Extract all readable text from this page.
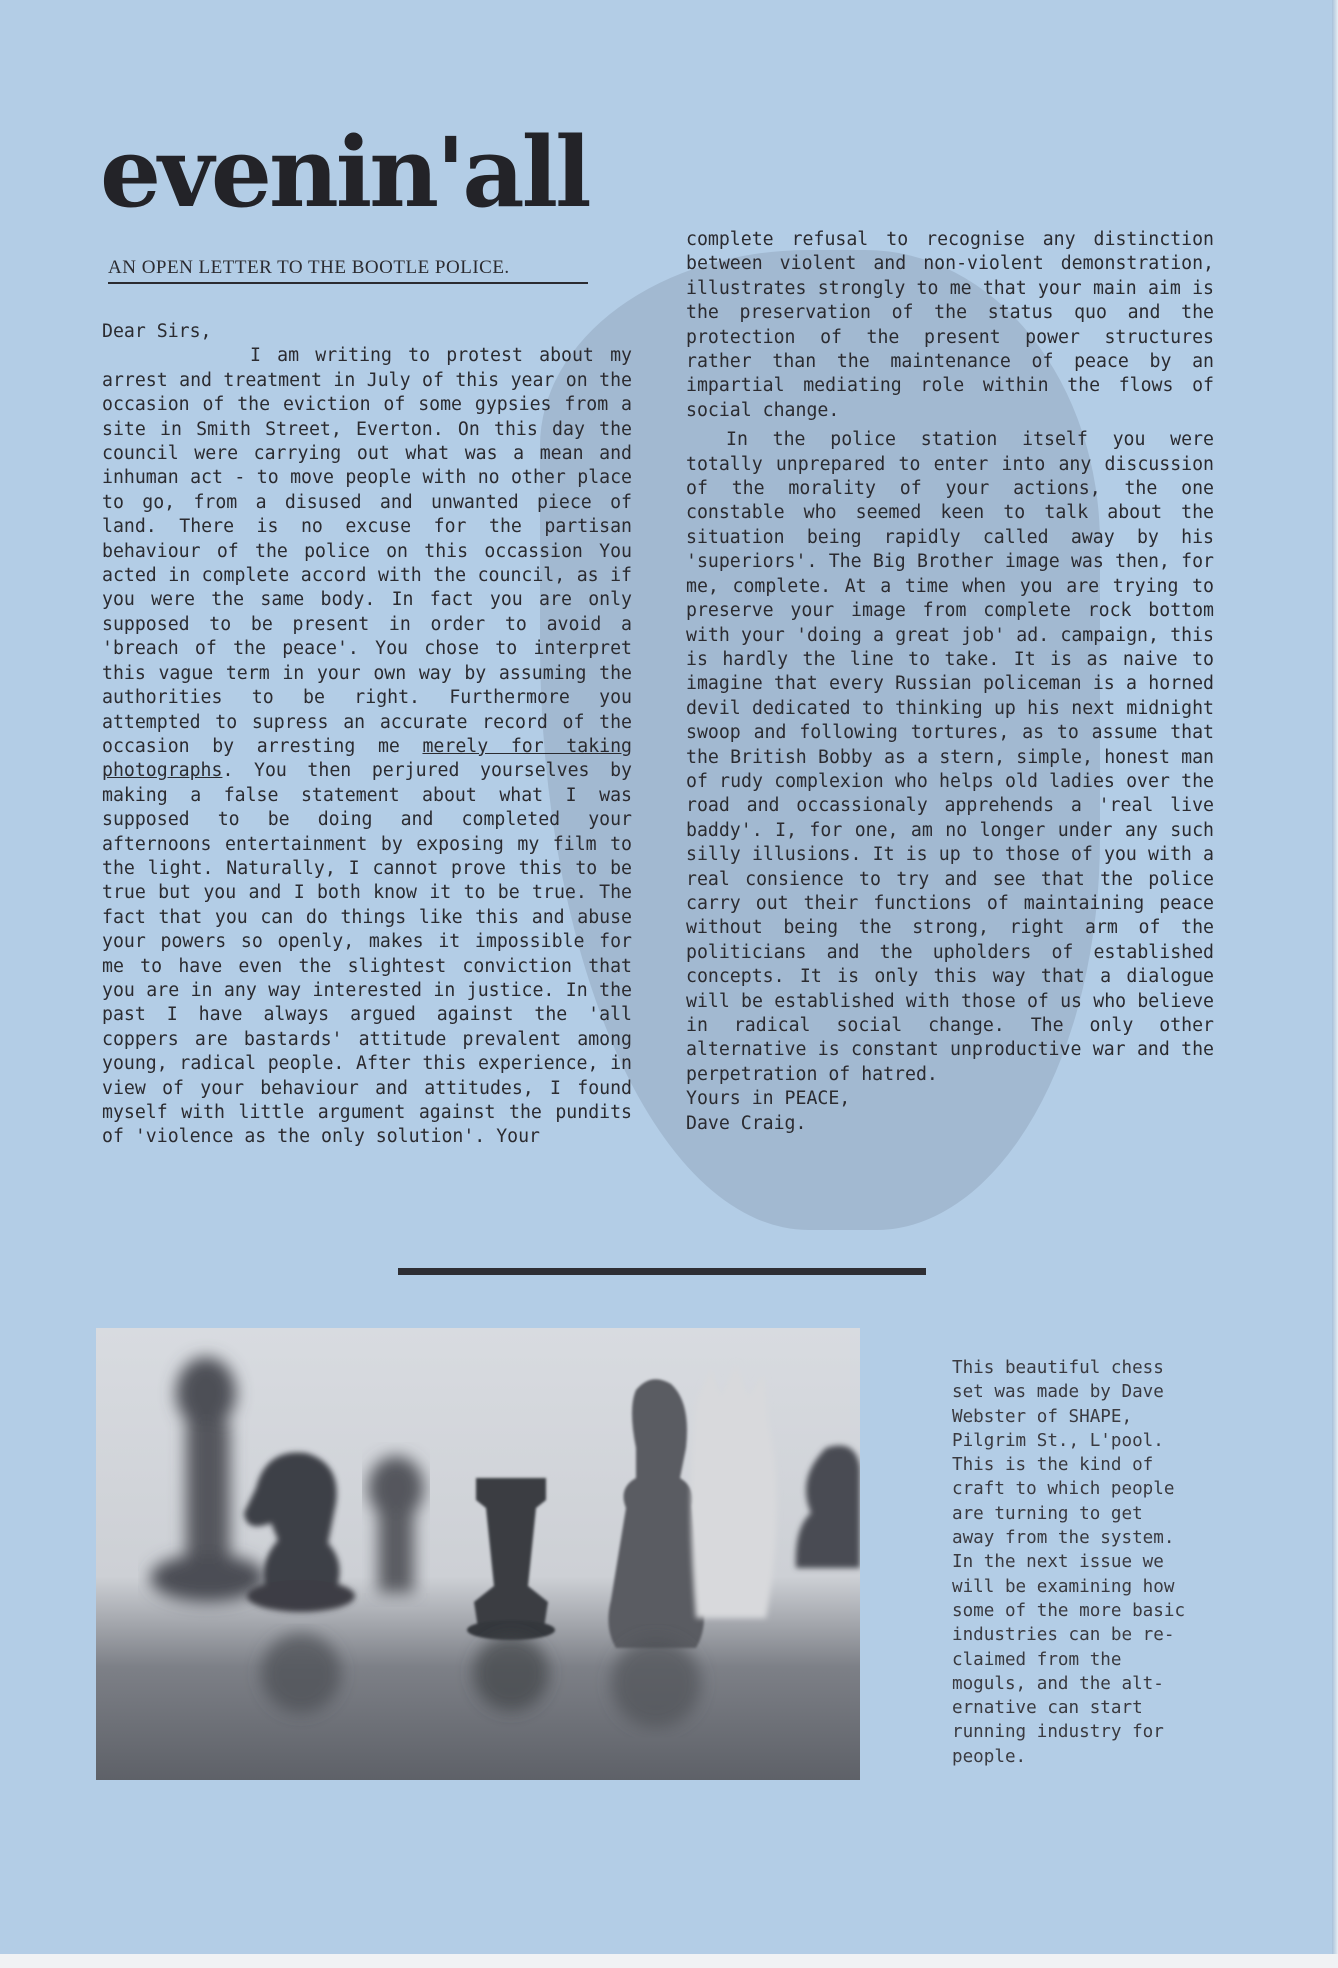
evenin'all
AN OPEN LETTER TO THE BOOTLE POLICE.

Dear Sirs,

I am writing to protest about my arrest and treatment in July of this year on the occasion of the eviction of some gypsies from a site in Smith Street, Everton. On this day the council were carrying out what was a mean and inhuman act - to move people with no other place to go, from a disused and unwanted piece of land. There is no excuse for the partisan behaviour of the police on this occassion You acted in complete accord with the council, as if you were the same body. In fact you are only supposed to be present in order to avoid a 'breach of the peace'. You chose to interpret this vague term in your own way by assuming the authorities to be right. Furthermore you attempted to supress an accurate record of the occasion by arresting me merely for taking photographs. You then perjured yourselves by making a false statement about what I was supposed to be doing and completed your afternoons entertainment by exposing my film to the light. Naturally, I cannot prove this to be true but you and I both know it to be true. The fact that you can do things like this and abuse your powers so openly, makes it impossible for me to have even the slightest conviction that you are in any way interested in justice. In the past I have always argued against the 'all coppers are bastards' attitude prevalent among young, radical people. After this experience, in view of your behaviour and attitudes, I found myself with little argument against the pundits of 'violence as the only solution'. Your

complete refusal to recognise any distinction between violent and non-violent demonstration, illustrates strongly to me that your main aim is the preservation of the status quo and the protection of the present power structures rather than the maintenance of peace by an impartial mediating role within the flows of social change.

In the police station itself you were totally unprepared to enter into any discussion of the morality of your actions, the one constable who seemed keen to talk about the situation being rapidly called away by his 'superiors'. The Big Brother image was then, for me, complete. At a time when you are trying to preserve your image from complete rock bottom with your 'doing a great job' ad. campaign, this is hardly the line to take. It is as naive to imagine that every Russian policeman is a horned devil dedicated to thinking up his next midnight swoop and following tortures, as to assume that the British Bobby as a stern, simple, honest man of rudy complexion who helps old ladies over the road and occassionaly apprehends a 'real live baddy'. I, for one, am no longer under any such silly illusions. It is up to those of you with a real consience to try and see that the police carry out their functions of maintaining peace without being the strong, right arm of the politicians and the upholders of established concepts. It is only this way that a dialogue will be established with those of us who believe in radical social change. The only other alternative is constant unproductive war and the perpetration of hatred.

Yours in PEACE,

Dave Craig.

This beautiful chess
set was made by Dave
Webster of SHAPE,
Pilgrim St., L'pool.
This is the kind of
craft to which people
are turning to get
away from the system.
In the next issue we
will be examining how
some of the more basic
industries can be re-
claimed from the
moguls, and the alt-
ernative can start
running industry for
people.
